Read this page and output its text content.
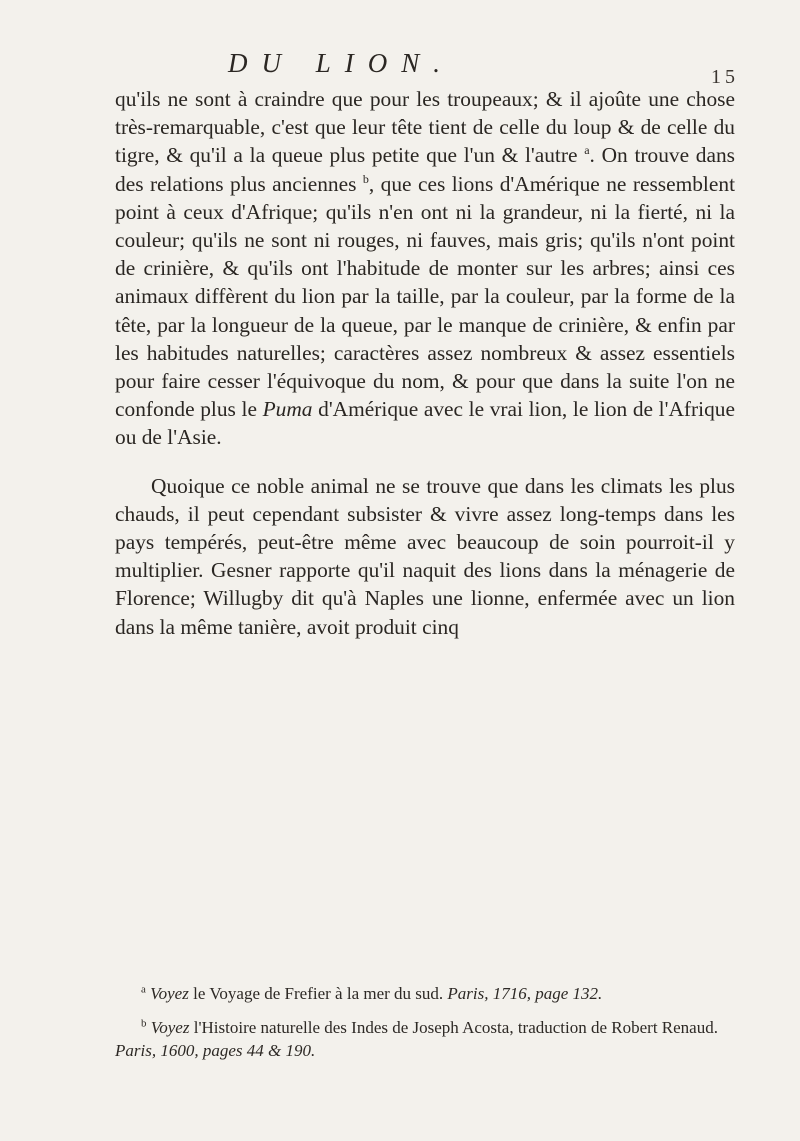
DU LION.	15

qu'ils ne sont à craindre que pour les troupeaux; & il ajoûte une chose très-remarquable, c'est que leur tête tient de celle du loup & de celle du tigre, & qu'il a la queue plus petite que l'un & l'autre $^a$. On trouve dans des relations plus anciennes $^b$, que ces lions d'Amérique ne ressemblent point à ceux d'Afrique; qu'ils n'en ont ni la grandeur, ni la fierté, ni la couleur; qu'ils ne sont ni rouges, ni fauves, mais gris; qu'ils n'ont point de crinière, & qu'ils ont l'habitude de monter sur les arbres; ainsi ces animaux diffèrent du lion par la taille, par la couleur, par la forme de la tête, par la longueur de la queue, par le manque de crinière, & enfin par les habitudes naturelles; caractères assez nombreux & assez essentiels pour faire cesser l'équivoque du nom, & pour que dans la suite l'on ne confonde plus le Puma d'Amérique avec le vrai lion, le lion de l'Afrique ou de l'Asie.

Quoique ce noble animal ne se trouve que dans les climats les plus chauds, il peut cependant subsister & vivre assez long-temps dans les pays tempérés, peut-être même avec beaucoup de soin pourroit-il y multiplier. Gesner rapporte qu'il naquit des lions dans la ménagerie de Florence; Willugby dit qu'à Naples une lionne, enfermée avec un lion dans la même tanière, avoit produit cinq

$^a$ Voyez le Voyage de Frefier à la mer du sud. Paris, 1716, page 132.

$^b$ Voyez l'Histoire naturelle des Indes de Joseph Acosta, traduction de Robert Renaud. Paris, 1600, pages 44 & 190.
